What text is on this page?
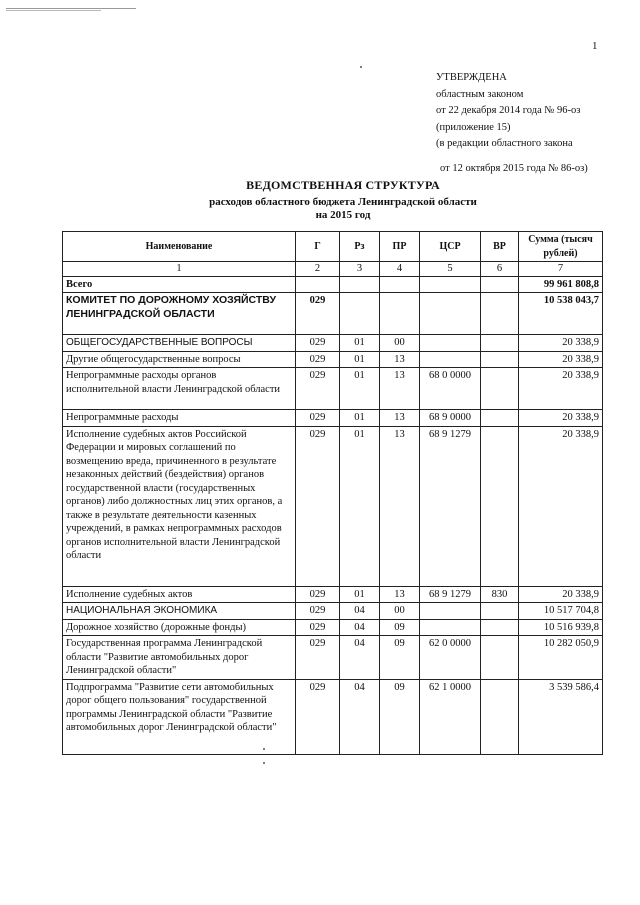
1
УТВЕРЖДЕНА
областным законом
от 22 декабря 2014 года № 96-оз
(приложение 15)
(в редакции областного закона
от 12 октября 2015 года № 86-оз)
ВЕДОМСТВЕННАЯ СТРУКТУРА
расходов областного бюджета Ленинградской области
на 2015 год
Наименование	Г	Рз	ПР	ЦСР	ВР	Сумма (тысяч рублей)
1	2	3	4	5	6	7
Всего						99 961 808,8
КОМИТЕТ ПО ДОРОЖНОМУ ХОЗЯЙСТВУ ЛЕНИНГРАДСКОЙ ОБЛАСТИ	029					10 538 043,7
ОБЩЕГОСУДАРСТВЕННЫЕ ВОПРОСЫ	029	01	00			20 338,9
Другие общегосударственные вопросы	029	01	13			20 338,9
Непрограммные расходы органов исполнительной власти Ленинградской области	029	01	13	68 0 0000		20 338,9
Непрограммные расходы	029	01	13	68 9 0000		20 338,9
Исполнение судебных актов Российской Федерации и мировых соглашений по возмещению вреда, причиненного в результате незаконных действий (бездействия) органов государственной власти (государственных органов) либо должностных лиц этих органов, а также в результате деятельности казенных учреждений, в рамках непрограммных расходов органов исполнительной власти Ленинградской области	029	01	13	68 9 1279		20 338,9
Исполнение судебных актов	029	01	13	68 9 1279	830	20 338,9
НАЦИОНАЛЬНАЯ ЭКОНОМИКА	029	04	00			10 517 704,8
Дорожное хозяйство (дорожные фонды)	029	04	09			10 516 939,8
Государственная программа Ленинградской области "Развитие автомобильных дорог Ленинградской области"	029	04	09	62 0 0000		10 282 050,9
Подпрограмма "Развитие сети автомобильных дорог общего пользования" государственной программы Ленинградской области "Развитие автомобильных дорог Ленинградской области"	029	04	09	62 1 0000		3 539 586,4
